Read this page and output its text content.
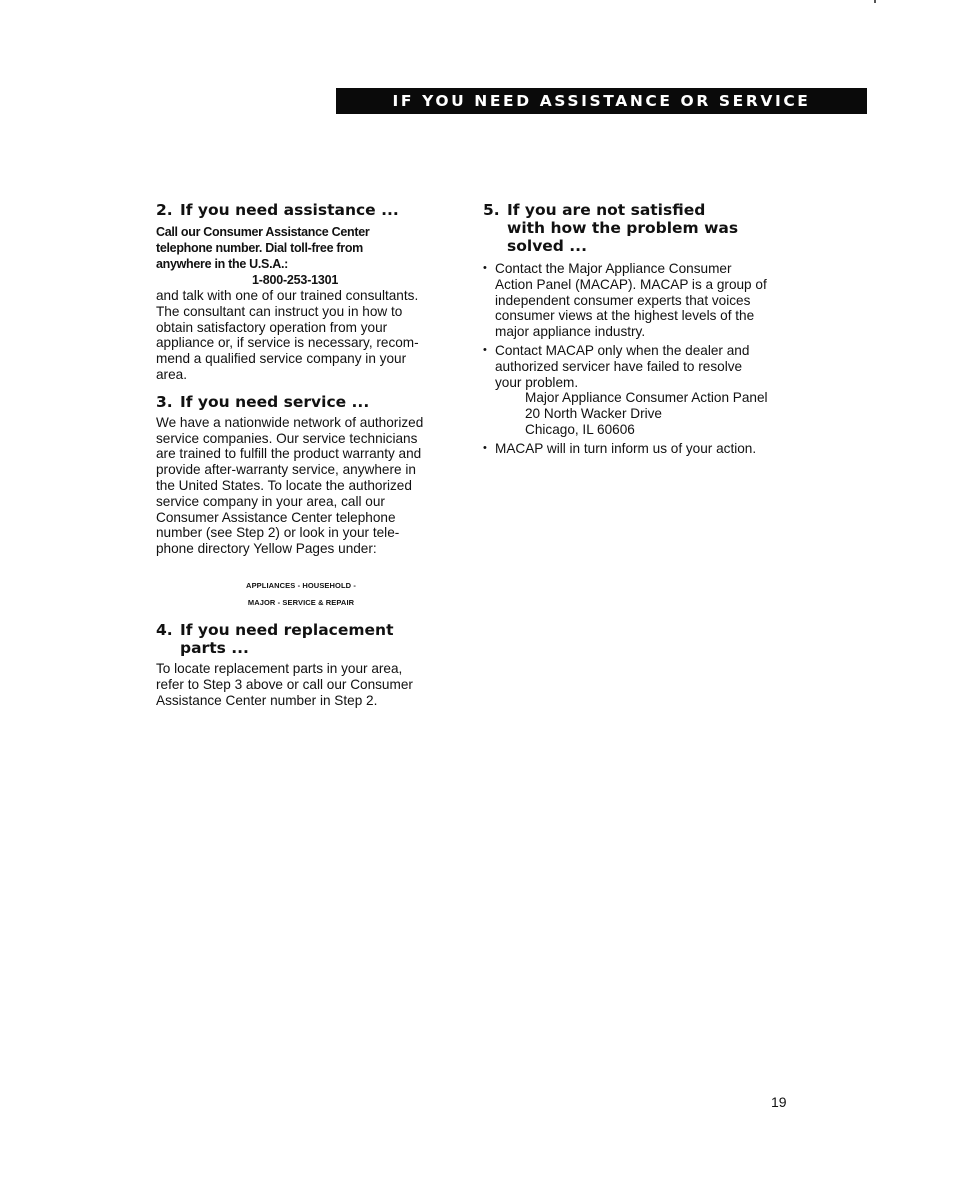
IF YOU NEED ASSISTANCE OR SERVICE
2. If you need assistance ...
Call our Consumer Assistance Center
telephone number. Dial toll-free from
anywhere in the U.S.A.:
1-800-253-1301

and talk with one of our trained consultants.

The consultant can instruct you in how to

obtain satisfactory operation from your

appliance or, if service is necessary, recom-

mend a qualified service company in your

area.

3. If you need service ...

We have a nationwide network of authorized

service companies. Our service technicians

are trained to fulfill the product warranty and

provide after-warranty service, anywhere in

the United States. To locate the authorized

service company in your area, call our

Consumer Assistance Center telephone

number (see Step 2) or look in your tele-

phone directory Yellow Pages under:

APPLIANCES - HOUSEHOLD -
MAJOR - SERVICE & REPAIR
4. If you need replacement
parts ...

To locate replacement parts in your area,

refer to Step 3 above or call our Consumer

Assistance Center number in Step 2.

5. If you are not satisfied
with how the problem was
solved ...
• Contact the Major Appliance Consumer
Action Panel (MACAP). MACAP is a group of
independent consumer experts that voices
consumer views at the highest levels of the
major appliance industry.
• Contact MACAP only when the dealer and
authorized servicer have failed to resolve
your problem.
Major Appliance Consumer Action Panel
20 North Wacker Drive
Chicago, IL 60606
• MACAP will in turn inform us of your action.
19
